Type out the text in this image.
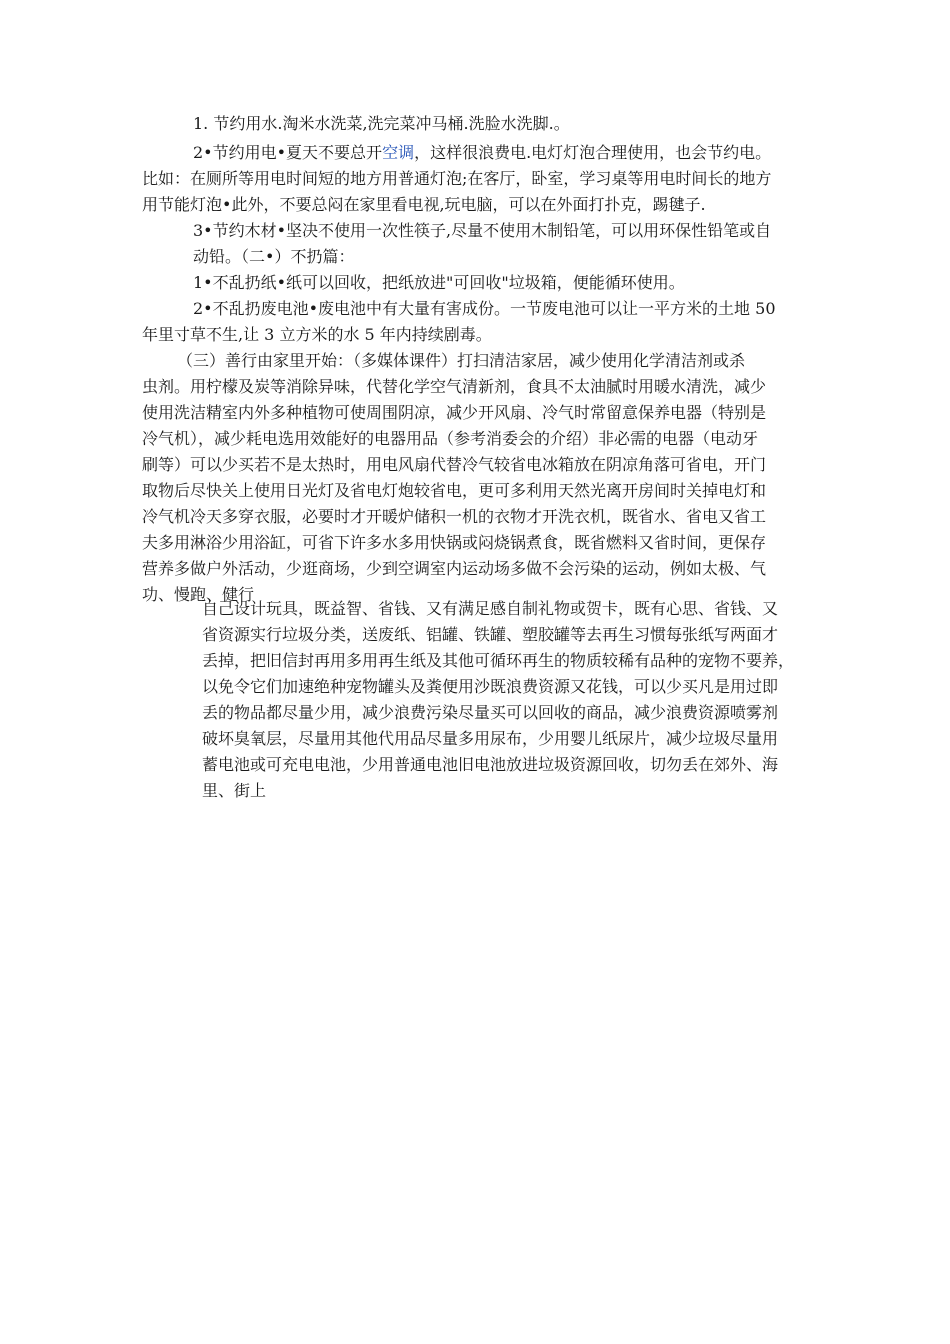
1. 节约用水.淘米水洗菜,洗完菜冲马桶.洗脸水洗脚.。
2•节约用电•夏天不要总开空调，这样很浪费电.电灯灯泡合理使用，也会节约电。
比如：在厕所等用电时间短的地方用普通灯泡;在客厅，卧室，学习桌等用电时间长的地方
用节能灯泡•此外，不要总闷在家里看电视,玩电脑，可以在外面打扑克，踢毽子.
3•节约木材•坚决不使用一次性筷子,尽量不使用木制铅笔，可以用环保性铅笔或自
动铅。（二•）不扔篇：
1•不乱扔纸•纸可以回收，把纸放进"可回收"垃圾箱，便能循环使用。
2•不乱扔废电池•废电池中有大量有害成份。一节废电池可以让一平方米的土地 50
年里寸草不生,让 3 立方米的水 5 年内持续剧毒。
（三）善行由家里开始：（多媒体课件）打扫清洁家居，减少使用化学清洁剂或杀
虫剂。用柠檬及炭等消除异味，代替化学空气清新剂，食具不太油腻时用暖水清洗，减少
使用洗洁精室内外多种植物可使周围阴凉，减少开风扇、冷气时常留意保养电器（特别是
冷气机），减少耗电选用效能好的电器用品（参考消委会的介绍）非必需的电器（电动牙
刷等）可以少买若不是太热时，用电风扇代替冷气较省电冰箱放在阴凉角落可省电，开门
取物后尽快关上使用日光灯及省电灯炮较省电，更可多利用天然光离开房间时关掉电灯和
冷气机冷天多穿衣服，必要时才开暖炉储积一机的衣物才开洗衣机，既省水、省电又省工
夫多用淋浴少用浴缸，可省下许多水多用快锅或闷烧锅煮食，既省燃料又省时间，更保存
营养多做户外活动，少逛商场，少到空调室内运动场多做不会污染的运动，例如太极、气
功、慢跑、健行
自己设计玩具，既益智、省钱、又有满足感自制礼物或贺卡，既有心思、省钱、又
省资源实行垃圾分类，送废纸、铝罐、铁罐、塑胶罐等去再生习惯每张纸写两面才
丢掉，把旧信封再用多用再生纸及其他可循环再生的物质较稀有品种的宠物不要养，
以免令它们加速绝种宠物罐头及粪便用沙既浪费资源又花钱，可以少买凡是用过即
丢的物品都尽量少用，减少浪费污染尽量买可以回收的商品，减少浪费资源喷雾剂
破坏臭氧层，尽量用其他代用品尽量多用尿布，少用婴儿纸尿片，减少垃圾尽量用
蓄电池或可充电电池，少用普通电池旧电池放进垃圾资源回收，切勿丢在郊外、海
里、街上
